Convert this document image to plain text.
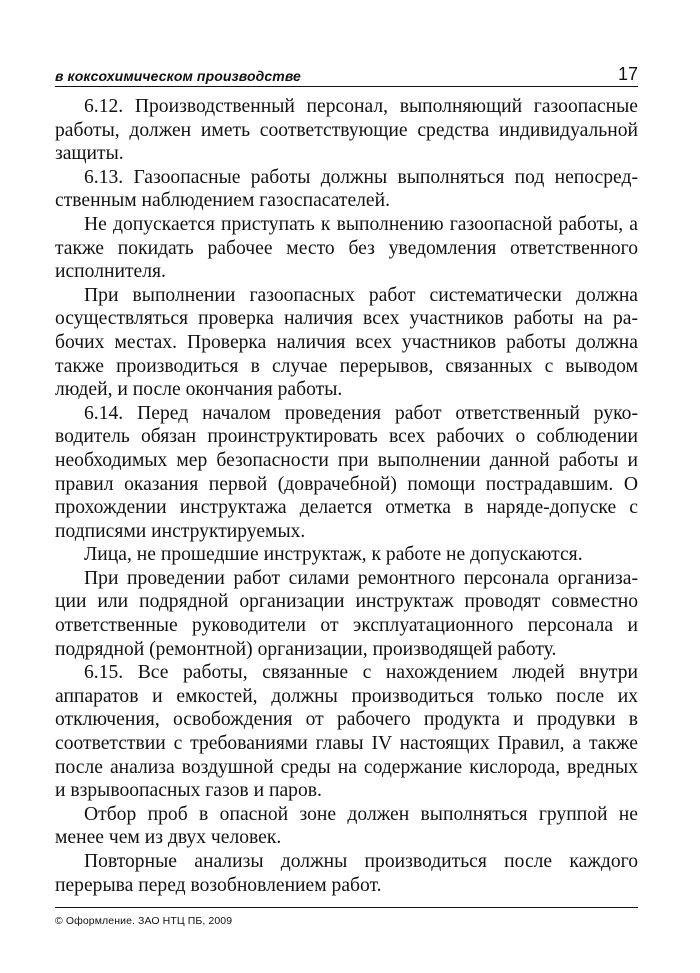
в коксохимическом производстве	17

6.12. Производственный персонал, выполняющий газоопасные работы, должен иметь соответствующие средства индивидуальной защиты.

6.13. Газоопасные работы должны выполняться под непосредственным наблюдением газоспасателей.

Не допускается приступать к выполнению газоопасной работы, а также покидать рабочее место без уведомления ответственного исполнителя.

При выполнении газоопасных работ систематически должна осуществляться проверка наличия всех участников работы на рабочих местах. Проверка наличия всех участников работы должна также производиться в случае перерывов, связанных с выводом людей, и после окончания работы.

6.14. Перед началом проведения работ ответственный руководитель обязан проинструктировать всех рабочих о соблюдении необходимых мер безопасности при выполнении данной работы и правил оказания первой (доврачебной) помощи пострадавшим. О прохождении инструктажа делается отметка в наряде-допуске с подписями инструктируемых.

Лица, не прошедшие инструктаж, к работе не допускаются.

При проведении работ силами ремонтного персонала организации или подрядной организации инструктаж проводят совместно ответственные руководители от эксплуатационного персонала и подрядной (ремонтной) организации, производящей работу.

6.15. Все работы, связанные с нахождением людей внутри аппаратов и емкостей, должны производиться только после их отключения, освобождения от рабочего продукта и продувки в соответствии с требованиями главы IV настоящих Правил, а также после анализа воздушной среды на содержание кислорода, вредных и взрывоопасных газов и паров.

Отбор проб в опасной зоне должен выполняться группой не менее чем из двух человек.

Повторные анализы должны производиться после каждого перерыва перед возобновлением работ.

© Оформление. ЗАО НТЦ ПБ, 2009
